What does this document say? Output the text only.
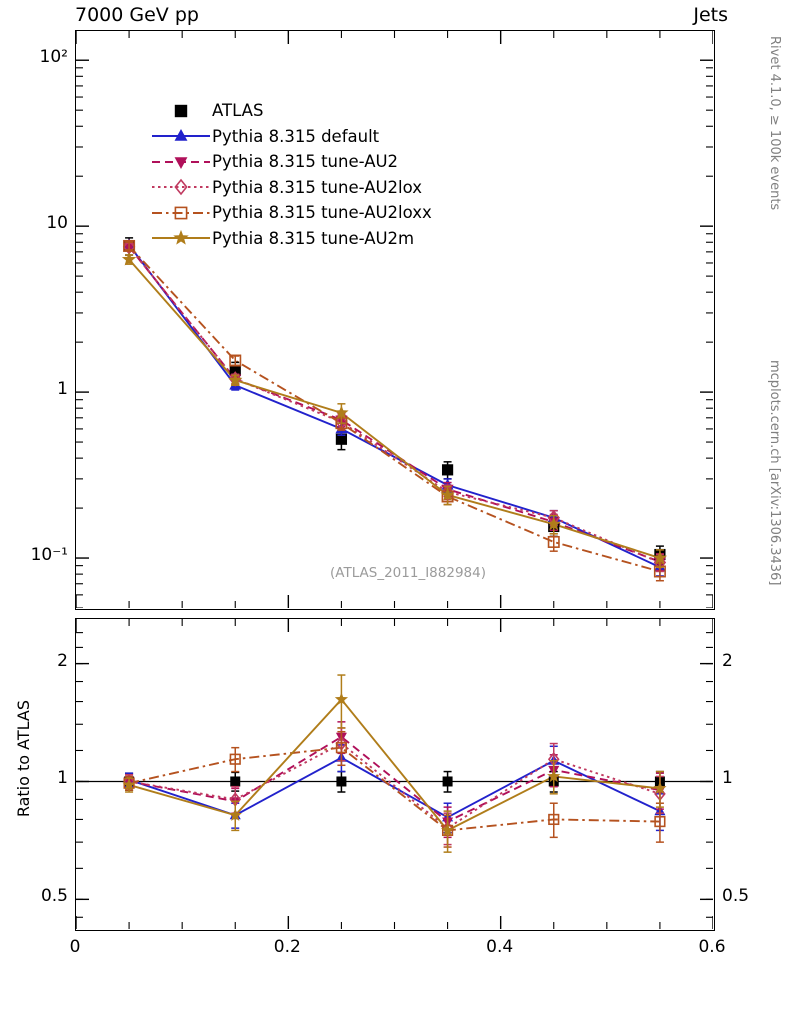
7000 GeV pp	Jets
Rivet 4.1.0, ≥ 100k events
mcplots.cern.ch [arXiv:1306.3436]
Ratio to ATLAS
ATLAS
Pythia 8.315 default
Pythia 8.315 tune-AU2
Pythia 8.315 tune-AU2lox
Pythia 8.315 tune-AU2loxx
Pythia 8.315 tune-AU2m
(ATLAS_2011_I882984)
10²
10
1
10⁻¹
2	2
1	1
0.5	0.5
0	0.2	0.4	0.6
